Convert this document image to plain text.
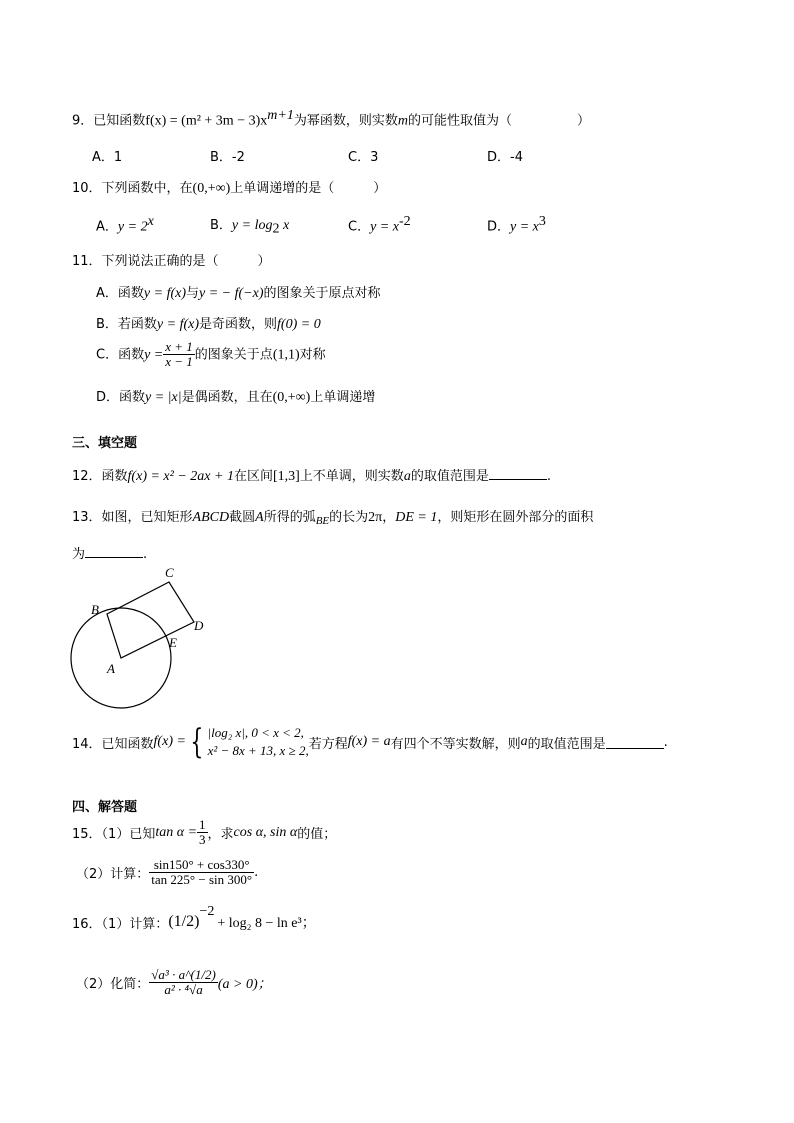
9．已知函数$f(x) = (m^2 + 3m - 3)x^{m+1}$为幂函数，则实数m的可能性取值为（　　　　　）
A．1	B．-2	C．3	D．-4
10．下列函数中，在(0,+∞)上单调递增的是（　　　）
A．$y = 2^x$	B．$y = \log_2 x$	C．$y = x^{-2}$	D．$y = x^3$
11．下列说法正确的是（　　　）
A．函数y = f(x)与y = − f(−x)的图象关于原点对称
B．若函数y = f(x)是奇函数，则f(0) = 0
C．函数$y = \frac{x + 1}{x - 1}$ 的图象关于点(1,1)对称
D．函数y = |x|是偶函数，且在(0,+∞)上单调递增
三、填空题
12．函数f(x) = x² − 2ax + 1在区间[1,3]上不单调，则实数a的取值范围是	.
13．如图，已知矩形ABCD截圆A所得的弧$_{BE}$的长为2π，DE = 1，则矩形在圆外部分的面积
为	.
A
B
C
D
E
14．已知函数 f(x) = { |log₂ x|, 0 < x < 2,
x² − 8x + 13, x ≥ 2, 若方程 f(x) = a 有四个不等实数解，则 a 的取值范围是	.
四、解答题
15．（1）已知 $\tan \alpha = \frac{1}{3}$ ，求 cos α, sin α 的值；
（2）计算： $\frac{\sin 150^\circ + \cos 330^\circ}{\tan 225^\circ - \sin 300^\circ}$ .
16．（1）计算： (1/2)
$^{-2}$
+ log₂ 8 − ln e³；
（2）化简： $\frac{\text{√a³ · a\textasciicircum{}(1/2)}}{\text{a² · ⁴√a}} (a > 0)$；
